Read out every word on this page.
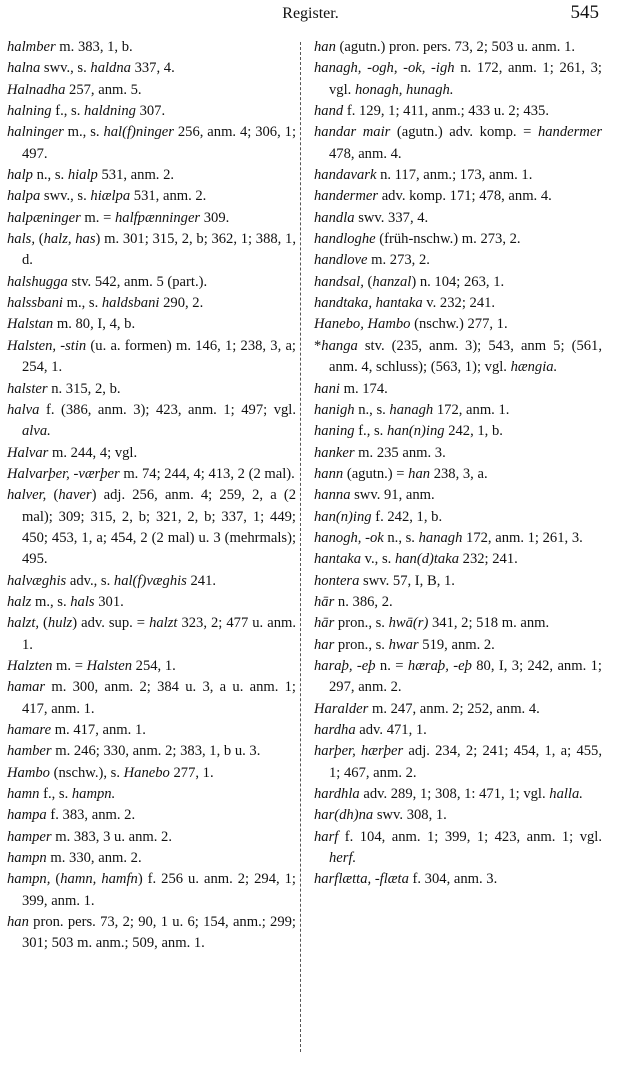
Register.	545
halmber m. 383, 1, b.
halna swv., s. haldna 337, 4.
Halnadha 257, anm. 5.
halning f., s. haldning 307.
halninger m., s. hal(f)ninger 256, anm. 4; 306, 1; 497.
halp n., s. hialp 531, anm. 2.
halpa swv., s. hiælpa 531, anm. 2.
halpæninger m. = halfpænninger 309.
hals, (halz, has) m. 301; 315, 2, b; 362, 1; 388, 1, d.
halshugga stv. 542, anm. 5 (part.).
halssbani m., s. haldsbani 290, 2.
Halstan m. 80, I, 4, b.
Halsten, -stin (u. a. formen) m. 146, 1; 238, 3, a; 254, 1.
halster n. 315, 2, b.
halva f. (386, anm. 3); 423, anm. 1; 497; vgl. alva.
Halvar m. 244, 4; vgl.
Halvarþer, -værþer m. 74; 244, 4; 413, 2 (2 mal).
halver, (haver) adj. 256, anm. 4; 259, 2, a (2 mal); 309; 315, 2, b; 321, 2, b; 337, 1; 449; 450; 453, 1, a; 454, 2 (2 mal) u. 3 (mehrmals); 495.
halvæghis adv., s. hal(f)væghis 241.
halz m., s. hals 301.
halzt, (hulz) adv. sup. = halzt 323, 2; 477 u. anm. 1.
Halzten m. = Halsten 254, 1.
hamar m. 300, anm. 2; 384 u. 3, a u. anm. 1; 417, anm. 1.
hamare m. 417, anm. 1.
hamber m. 246; 330, anm. 2; 383, 1, b u. 3.
Hambo (nschw.), s. Hanebo 277, 1.
hamn f., s. hampn.
hampa f. 383, anm. 2.
hamper m. 383, 3 u. anm. 2.
hampn m. 330, anm. 2.
hampn, (hamn, hamfn) f. 256 u. anm. 2; 294, 1; 399, anm. 1.
han pron. pers. 73, 2; 90, 1 u. 6; 154, anm.; 299; 301; 503 m. anm.; 509, anm. 1.
han (agutn.) pron. pers. 73, 2; 503 u. anm. 1.
hanagh, -ogh, -ok, -igh n. 172, anm. 1; 261, 3; vgl. honagh, hunagh.
hand f. 129, 1; 411, anm.; 433 u. 2; 435.
handar mair (agutn.) adv. komp. = handermer 478, anm. 4.
handavark n. 117, anm.; 173, anm. 1.
handermer adv. komp. 171; 478, anm. 4.
handla swv. 337, 4.
handloghe (früh-nschw.) m. 273, 2.
handlove m. 273, 2.
handsal, (hanzal) n. 104; 263, 1.
handtaka, hantaka v. 232; 241.
Hanebo, Hambo (nschw.) 277, 1.
*hanga stv. (235, anm. 3); 543, anm 5; (561, anm. 4, schluss); (563, 1); vgl. hængia.
hani m. 174.
hanigh n., s. hanagh 172, anm. 1.
haning f., s. han(n)ing 242, 1, b.
hanker m. 235 anm. 3.
hann (agutn.) = han 238, 3, a.
hanna swv. 91, anm.
han(n)ing f. 242, 1, b.
hanogh, -ok n., s. hanagh 172, anm. 1; 261, 3.
hantaka v., s. han(d)taka 232; 241.
hontera swv. 57, I, B, 1.
hār n. 386, 2.
hār pron., s. hwā(r) 341, 2; 518 m. anm.
har pron., s. hwar 519, anm. 2.
haraþ, -eþ n. = hæraþ, -eþ 80, I, 3; 242, anm. 1; 297, anm. 2.
Haralder m. 247, anm. 2; 252, anm. 4.
hardha adv. 471, 1.
harþer, hærþer adj. 234, 2; 241; 454, 1, a; 455, 1; 467, anm. 2.
hardhla adv. 289, 1; 308, 1: 471, 1; vgl. halla.
har(dh)na swv. 308, 1.
harf f. 104, anm. 1; 399, 1; 423, anm. 1; vgl. herf.
harflætta, -flæta f. 304, anm. 3.
